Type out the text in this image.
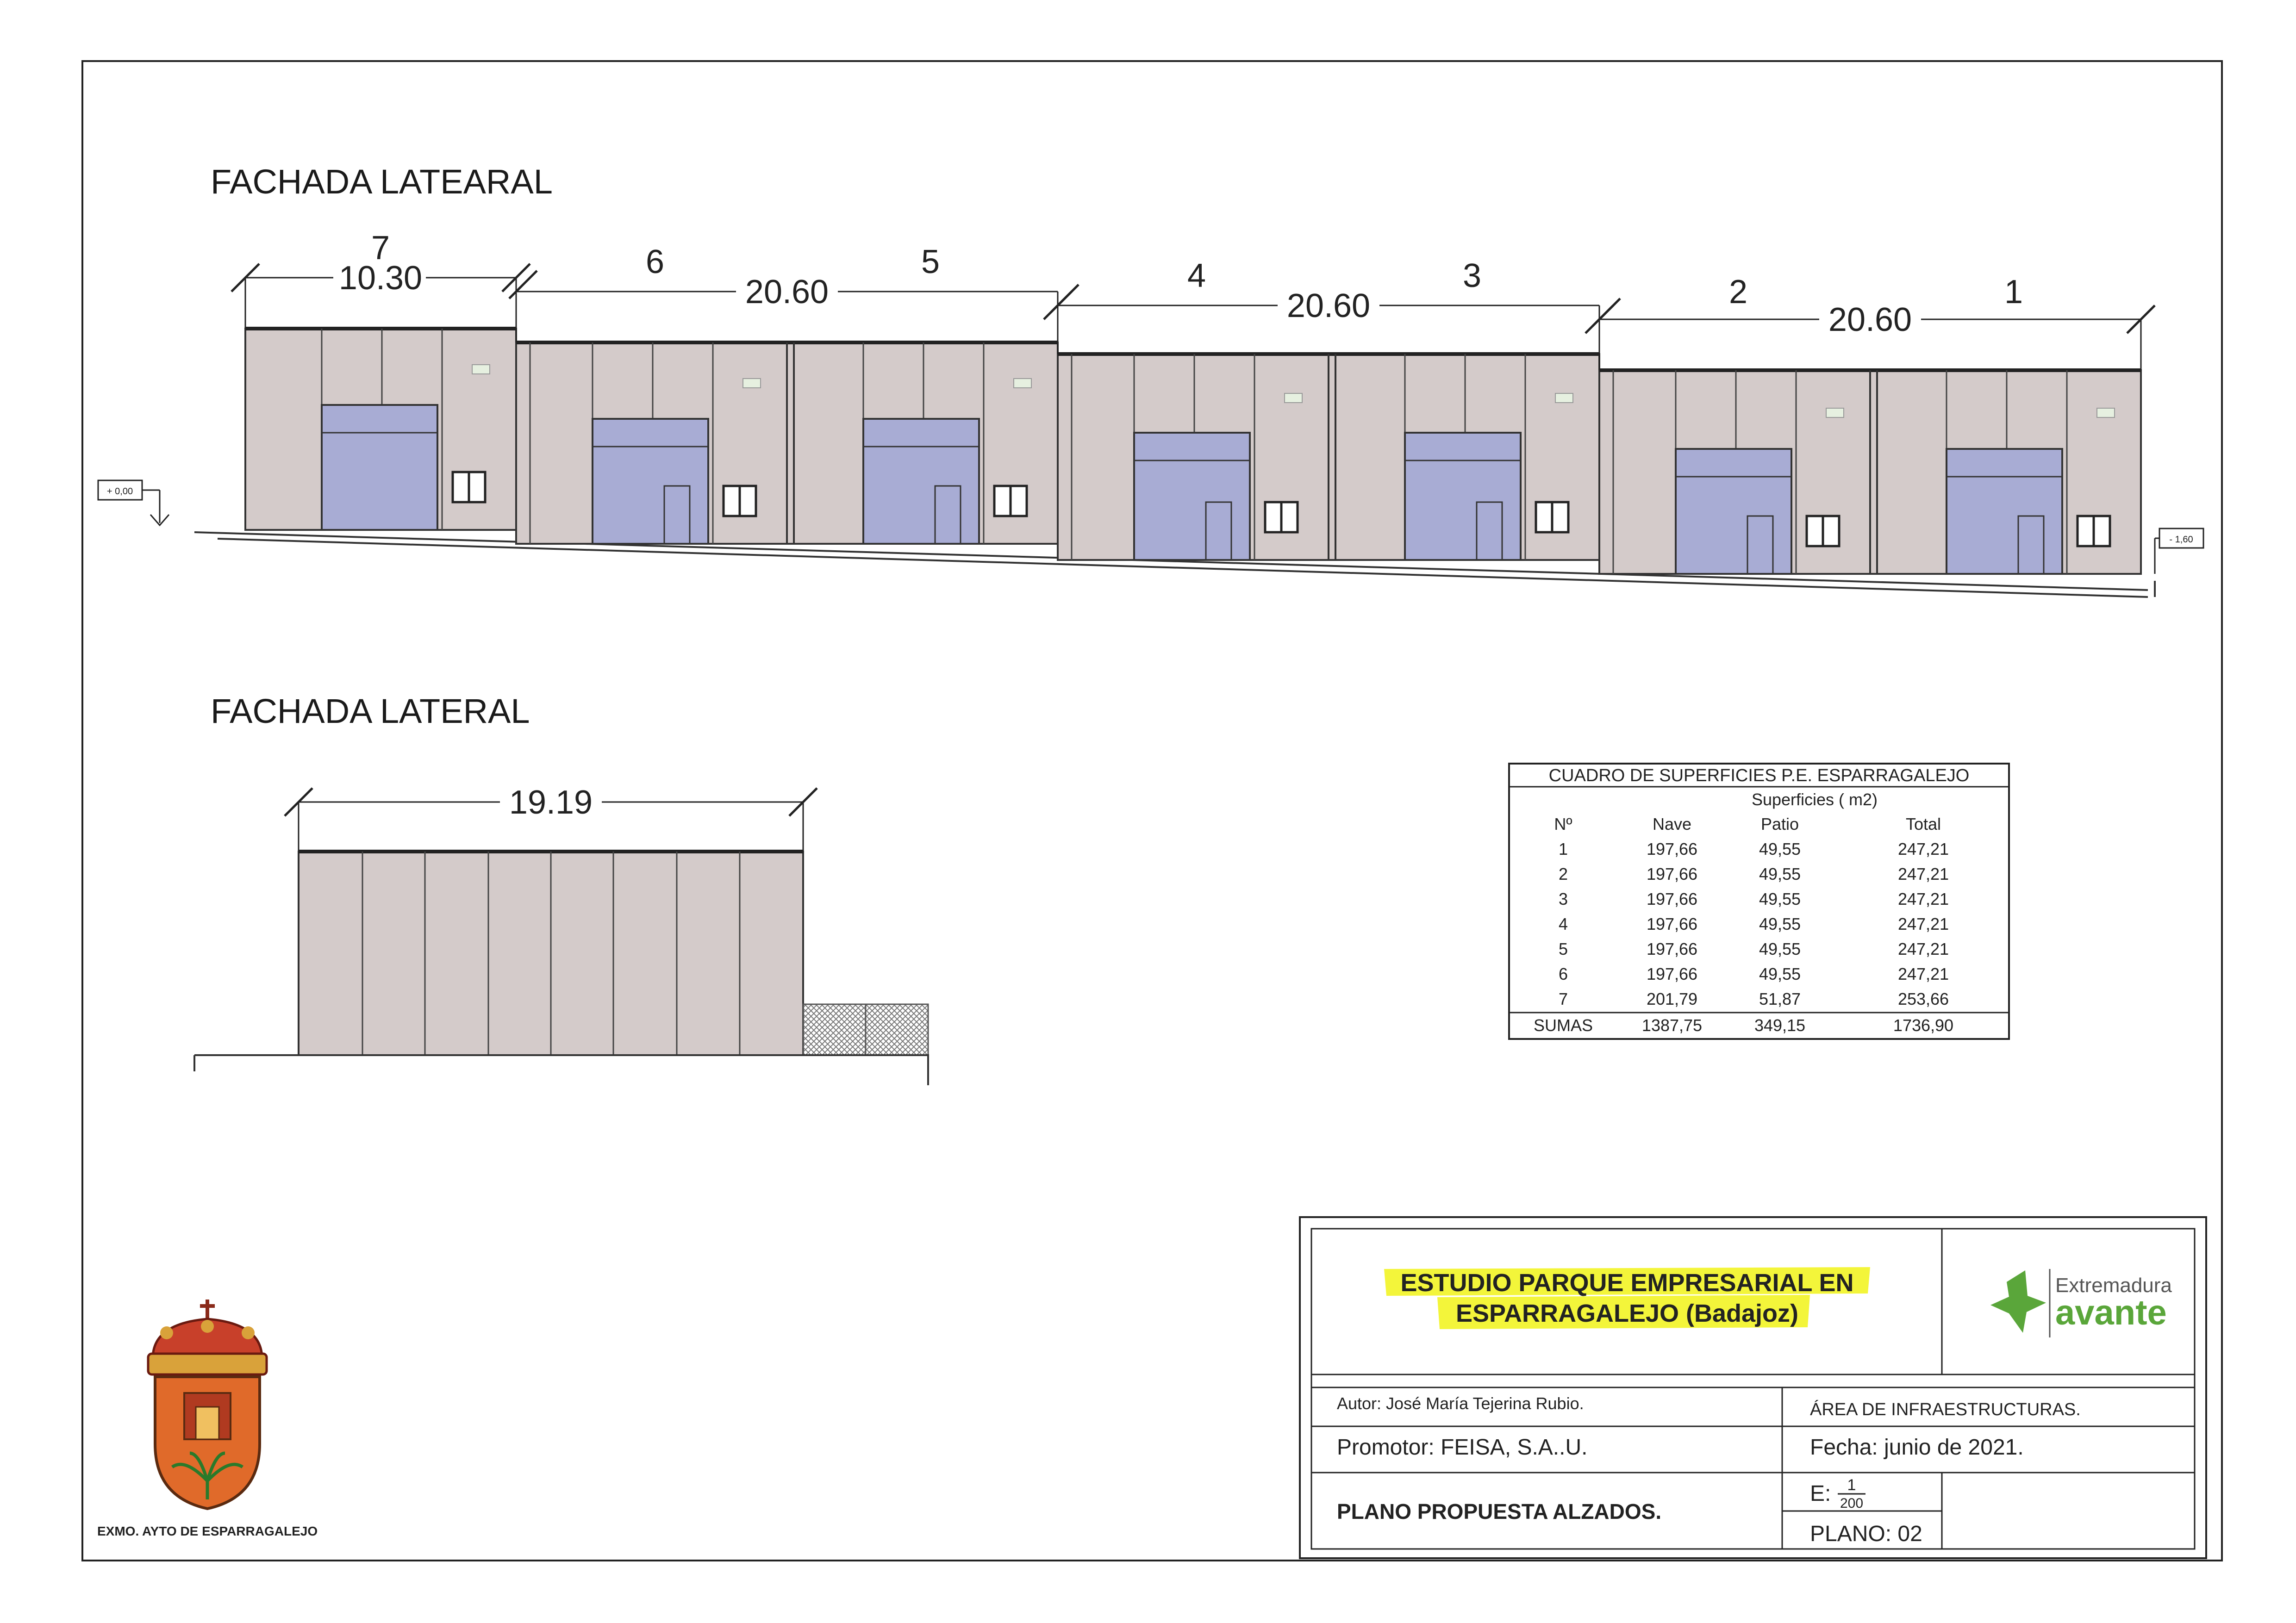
FACHADA LATEARAL
7	6	5	4	3	2	1
10.30	20.60	20.60	20.60
+ 0,00
- 1,60
FACHADA LATERAL
19.19
CUADRO DE SUPERFICIES P.E. ESPARRAGALEJO
Superficies ( m2)
Nº	Nave	Patio	Total
1	197,66	49,55	247,21
2	197,66	49,55	247,21
3	197,66	49,55	247,21
4	197,66	49,55	247,21
5	197,66	49,55	247,21
6	197,66	49,55	247,21
7	201,79	51,87	253,66
SUMAS	1387,75	349,15	1736,90
EXMO. AYTO DE ESPARRAGALEJO
ESTUDIO PARQUE EMPRESARIAL EN
ESPARRAGALEJO (Badajoz)
Extremadura
avante
Autor: José María Tejerina Rubio.	ÁREA DE INFRAESTRUCTURAS.
Promotor: FEISA, S.A..U.	Fecha: junio de 2021.
PLANO PROPUESTA ALZADOS.
E: 1
200
PLANO: 02
